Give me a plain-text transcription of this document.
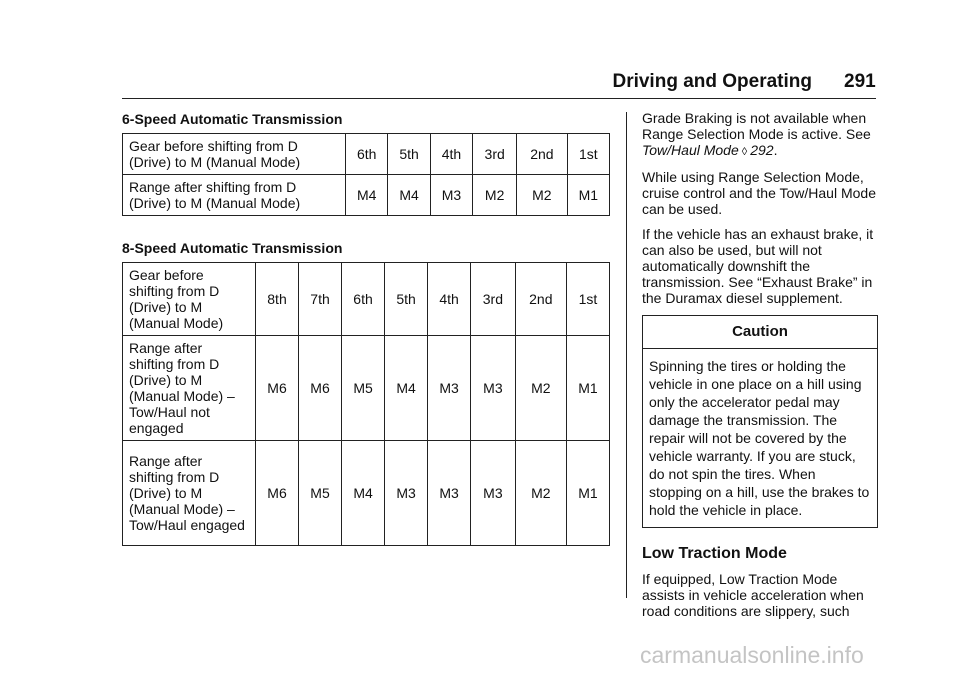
Driving and Operating 291
6-Speed Automatic Transmission
Gear before shifting from D (Drive) to M (Manual Mode)	6th	5th	4th	3rd	2nd	1st
Range after shifting from D (Drive) to M (Manual Mode)	M4	M4	M3	M2	M2	M1
8-Speed Automatic Transmission
Gear before shifting from D (Drive) to M (Manual Mode)	8th	7th	6th	5th	4th	3rd	2nd	1st
Range after shifting from D (Drive) to M (Manual Mode) – Tow/Haul not engaged	M6	M6	M5	M4	M3	M3	M2	M1
Range after shifting from D (Drive) to M (Manual Mode) – Tow/Haul engaged	M6	M5	M4	M3	M3	M3	M2	M1

Grade Braking is not available when Range Selection Mode is active. See Tow/Haul Mode ◊ 292.

While using Range Selection Mode, cruise control and the Tow/Haul Mode can be used.

If the vehicle has an exhaust brake, it can also be used, but will not automatically downshift the transmission. See “Exhaust Brake” in the Duramax diesel supplement.

Caution
Spinning the tires or holding the vehicle in one place on a hill using only the accelerator pedal may damage the transmission. The repair will not be covered by the vehicle warranty. If you are stuck, do not spin the tires. When stopping on a hill, use the brakes to hold the vehicle in place.
Low Traction Mode

If equipped, Low Traction Mode assists in vehicle acceleration when road conditions are slippery, such

carmanualsonline.info
